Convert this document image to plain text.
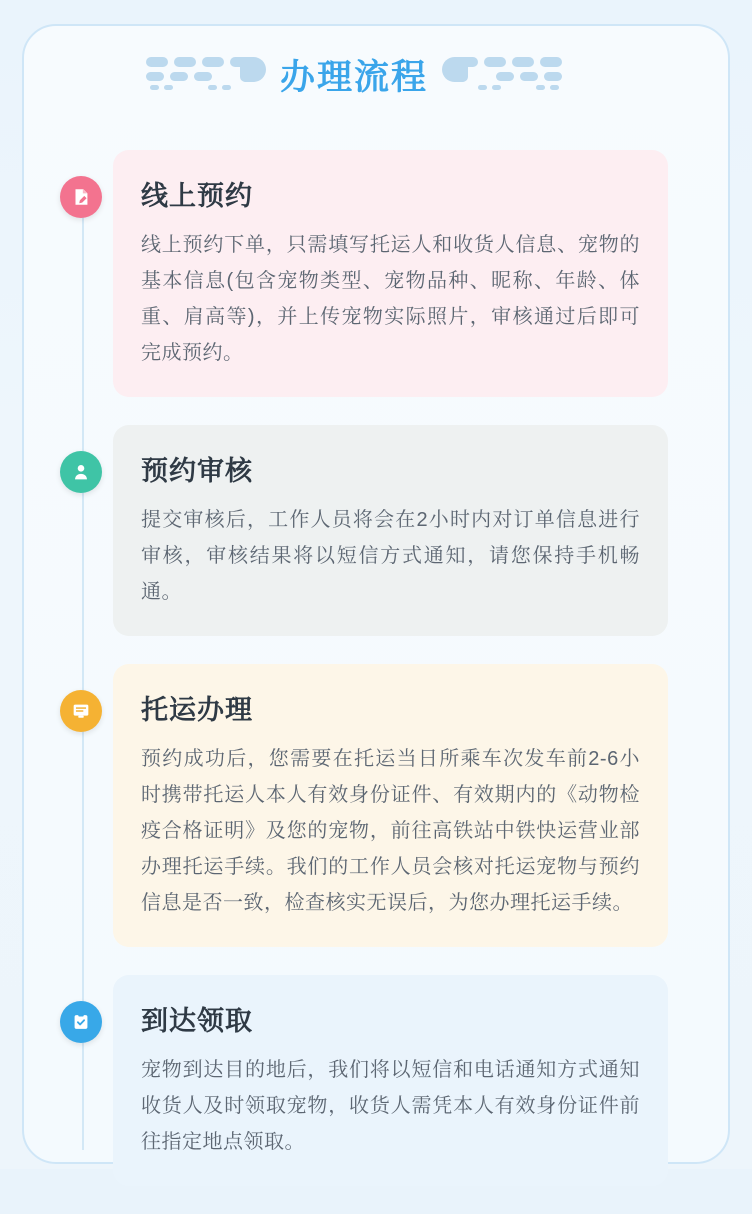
办理流程
线上预约

线上预约下单，只需填写托运人和收货人信息、宠物的基本信息(包含宠物类型、宠物品种、昵称、年龄、体重、肩高等)，并上传宠物实际照片，审核通过后即可完成预约。

预约审核

提交审核后，工作人员将会在2小时内对订单信息进行审核，审核结果将以短信方式通知，请您保持手机畅通。

托运办理

预约成功后，您需要在托运当日所乘车次发车前2-6小时携带托运人本人有效身份证件、有效期内的《动物检疫合格证明》及您的宠物，前往高铁站中铁快运营业部办理托运手续。我们的工作人员会核对托运宠物与预约信息是否一致，检查核实无误后，为您办理托运手续。

到达领取

宠物到达目的地后，我们将以短信和电话通知方式通知收货人及时领取宠物，收货人需凭本人有效身份证件前往指定地点领取。
